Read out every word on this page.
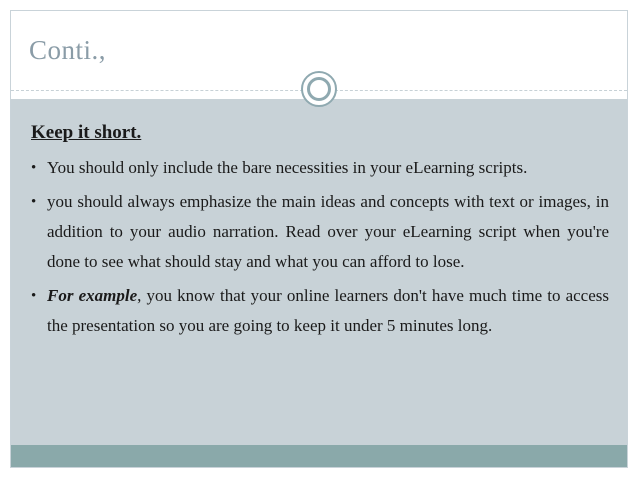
Conti.,
Keep it short.
• You should only include the bare necessities in your eLearning scripts.
• you should always emphasize the main ideas and concepts with text or images, in addition to your audio narration. Read over your eLearning script when you're done to see what should stay and what you can afford to lose.
• For example, you know that your online learners don't have much time to access the presentation so you are going to keep it under 5 minutes long.
